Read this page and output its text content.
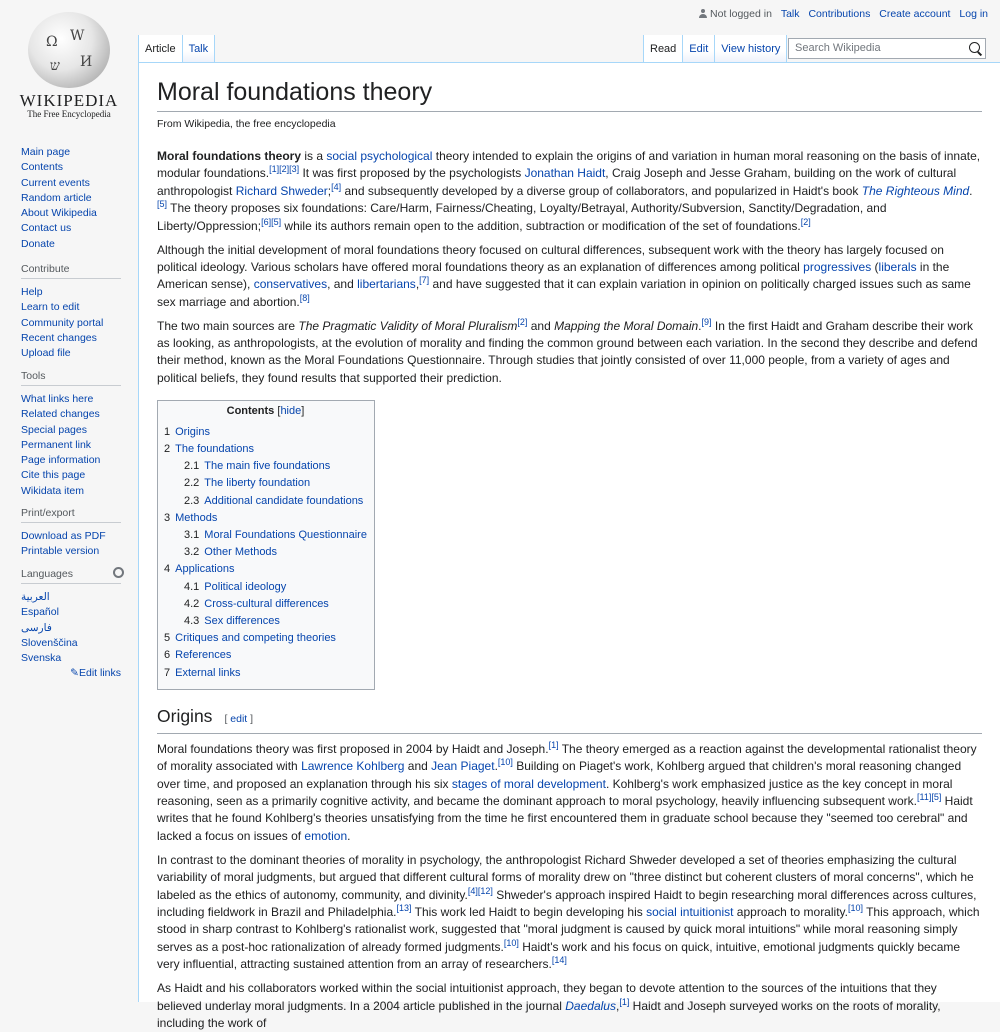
Ω W
И
ש
WIKIPEDIA
The Free Encyclopedia
Main page
Contents
Current events
Random article
About Wikipedia
Contact us
Donate
Contribute
Help
Learn to edit
Community portal
Recent changes
Upload file
Tools
What links here
Related changes
Special pages
Permanent link
Page information
Cite this page
Wikidata item
Print/export
Download as PDF
Printable version
Languages
العربية
Español
فارسی
Slovenščina
Svenska
✎Edit links
Not logged in Talk Contributions Create account Log in
Article	Talk	Read	Edit	View history	Search Wikipedia
Moral foundations theory
From Wikipedia, the free encyclopedia

Moral foundations theory is a social psychological theory intended to explain the origins of and variation in human moral reasoning on the basis of innate, modular foundations.[1][2][3] It was first proposed by the psychologists Jonathan Haidt, Craig Joseph and Jesse Graham, building on the work of cultural anthropologist Richard Shweder;[4] and subsequently developed by a diverse group of collaborators, and popularized in Haidt's book The Righteous Mind.[5] The theory proposes six foundations: Care/Harm, Fairness/Cheating, Loyalty/Betrayal, Authority/Subversion, Sanctity/Degradation, and Liberty/Oppression;[6][5] while its authors remain open to the addition, subtraction or modification of the set of foundations.[2]

Although the initial development of moral foundations theory focused on cultural differences, subsequent work with the theory has largely focused on political ideology. Various scholars have offered moral foundations theory as an explanation of differences among political progressives (liberals in the American sense), conservatives, and libertarians,[7] and have suggested that it can explain variation in opinion on politically charged issues such as same sex marriage and abortion.[8]

The two main sources are The Pragmatic Validity of Moral Pluralism[2] and Mapping the Moral Domain.[9] In the first Haidt and Graham describe their work as looking, as anthropologists, at the evolution of morality and finding the common ground between each variation. In the second they describe and defend their method, known as the Moral Foundations Questionnaire. Through studies that jointly consisted of over 11,000 people, from a variety of ages and political beliefs, they found results that supported their prediction.

Contents [hide]
1 Origins
2 The foundations
2.1 The main five foundations
2.2 The liberty foundation
2.3 Additional candidate foundations
3 Methods
3.1 Moral Foundations Questionnaire
3.2 Other Methods
4 Applications
4.1 Political ideology
4.2 Cross-cultural differences
4.3 Sex differences
5 Critiques and competing theories
6 References
7 External links
Origins [ edit ]

Moral foundations theory was first proposed in 2004 by Haidt and Joseph.[1] The theory emerged as a reaction against the developmental rationalist theory of morality associated with Lawrence Kohlberg and Jean Piaget.[10] Building on Piaget's work, Kohlberg argued that children's moral reasoning changed over time, and proposed an explanation through his six stages of moral development. Kohlberg's work emphasized justice as the key concept in moral reasoning, seen as a primarily cognitive activity, and became the dominant approach to moral psychology, heavily influencing subsequent work.[11][5] Haidt writes that he found Kohlberg's theories unsatisfying from the time he first encountered them in graduate school because they "seemed too cerebral" and lacked a focus on issues of emotion.

In contrast to the dominant theories of morality in psychology, the anthropologist Richard Shweder developed a set of theories emphasizing the cultural variability of moral judgments, but argued that different cultural forms of morality drew on "three distinct but coherent clusters of moral concerns", which he labeled as the ethics of autonomy, community, and divinity.[4][12] Shweder's approach inspired Haidt to begin researching moral differences across cultures, including fieldwork in Brazil and Philadelphia.[13] This work led Haidt to begin developing his social intuitionist approach to morality.[10] This approach, which stood in sharp contrast to Kohlberg's rationalist work, suggested that "moral judgment is caused by quick moral intuitions" while moral reasoning simply serves as a post-hoc rationalization of already formed judgments.[10] Haidt's work and his focus on quick, intuitive, emotional judgments quickly became very influential, attracting sustained attention from an array of researchers.[14]

As Haidt and his collaborators worked within the social intuitionist approach, they began to devote attention to the sources of the intuitions that they believed underlay moral judgments. In a 2004 article published in the journal Daedalus,[1] Haidt and Joseph surveyed works on the roots of morality, including the work of
